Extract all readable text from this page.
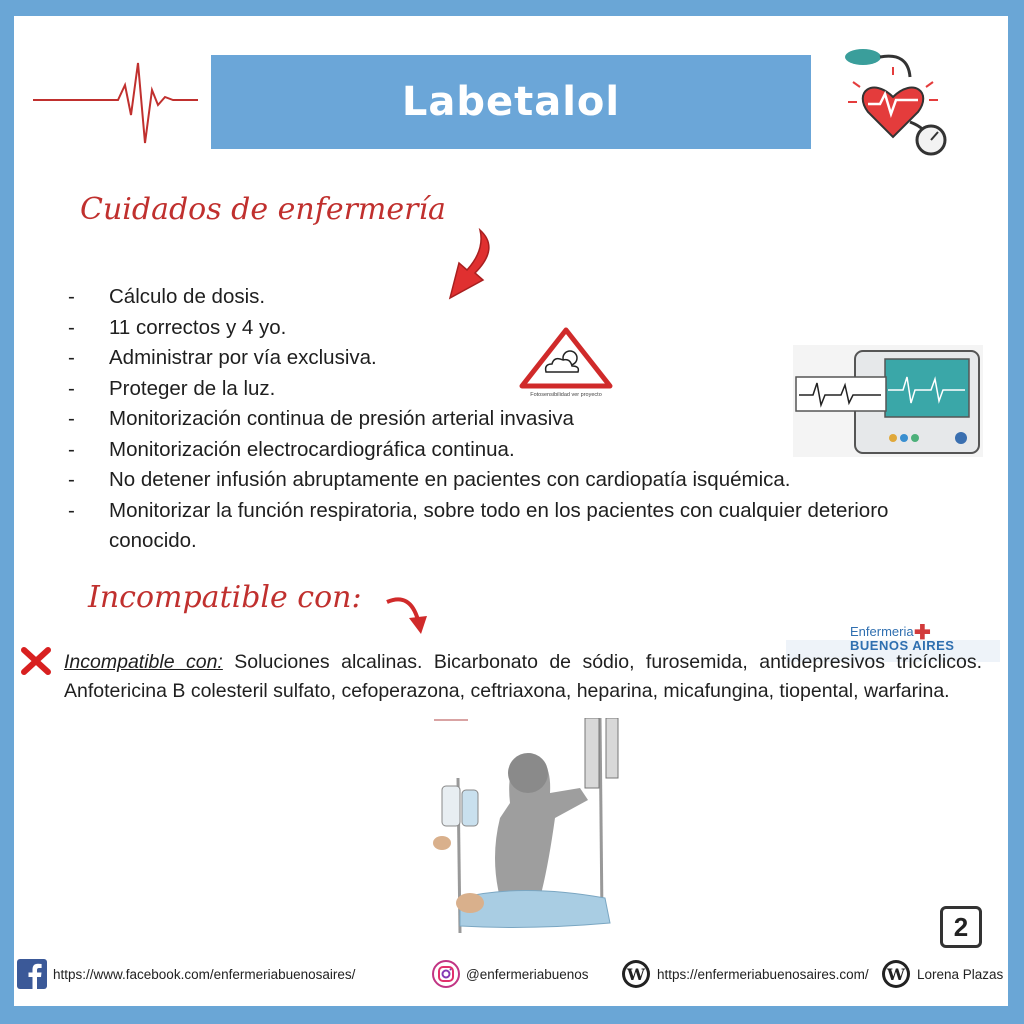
Labetalol
Cuidados de enfermería
- Cálculo de dosis.
- 11 correctos y 4 yo.
- Administrar por vía exclusiva.
- Proteger de la luz.
- Monitorización continua de presión arterial invasiva
- Monitorización electrocardiográfica continua.
- No detener infusión abruptamente en pacientes con cardiopatía isquémica.
- Monitorizar la función respiratoria, sobre todo en los pacientes con cualquier deterioro conocido.
Fotosensibilidad ver proyecto
Incompatible con:
Enfermeria ✚
BUENOS AIRES
Incompatible con: Soluciones alcalinas. Bicarbonato de sódio, furosemida, antidepresivos tricíclicos. Anfotericina B colesteril sulfato, cefoperazona, ceftriaxona, heparina, micafungina, tiopental, warfarina.
2
https://www.facebook.com/enfermeriabuenosaires/	@enfermeriabuenos W https://enfermeriabuenosaires.com/ W Lorena Plazas
